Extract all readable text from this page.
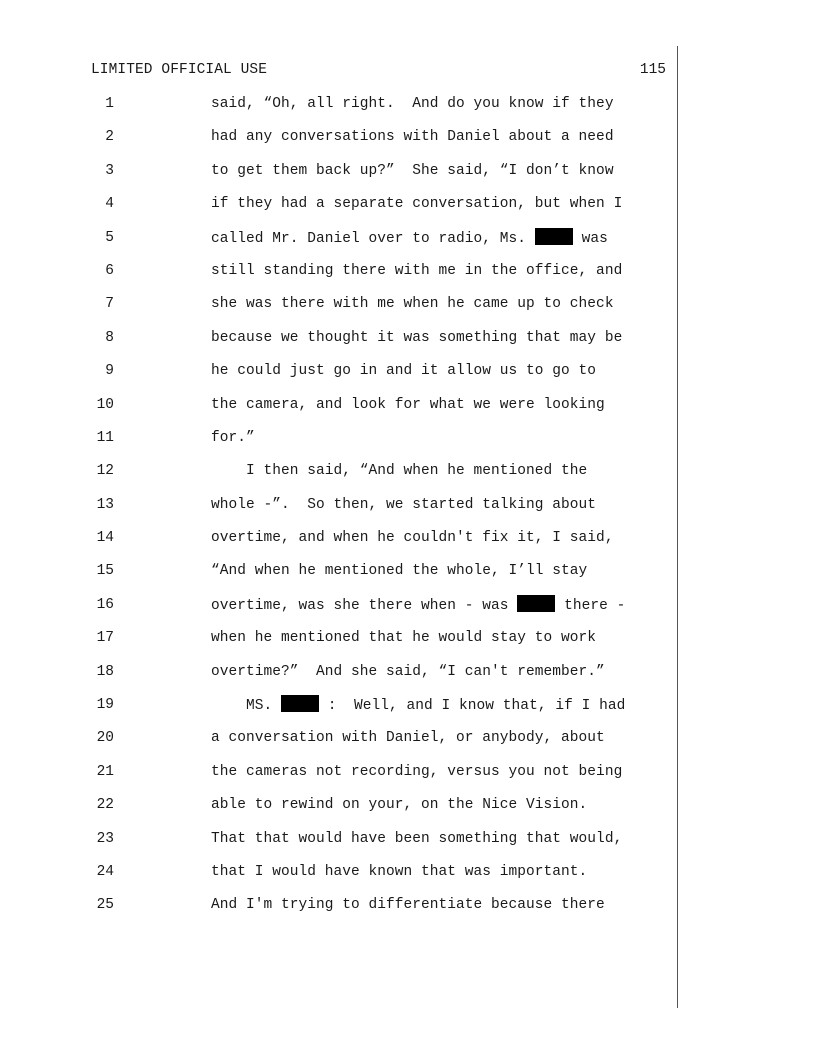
LIMITED OFFICIAL USE	115
1	said, “Oh, all right.  And do you know if they
2	had any conversations with Daniel about a need
3	to get them back up?”  She said, “I don’t know
4	if they had a separate conversation, but when I
5	called Mr. Daniel over to radio, Ms.	was
6	still standing there with me in the office, and
7	she was there with me when he came up to check
8	because we thought it was something that may be
9	he could just go in and it allow us to go to
10	the camera, and look for what we were looking
11	for.”
12	I then said, “And when he mentioned the
13	whole -”.  So then, we started talking about
14	overtime, and when he couldn't fix it, I said,
15	“And when he mentioned the whole, I’ll stay
16	overtime, was she there when - was	there -
17	when he mentioned that he would stay to work
18	overtime?”  And she said, “I can't remember.”
19	MS.	:  Well, and I know that, if I had
20	a conversation with Daniel, or anybody, about
21	the cameras not recording, versus you not being
22	able to rewind on your, on the Nice Vision.
23	That that would have been something that would,
24	that I would have known that was important.
25	And I'm trying to differentiate because there
